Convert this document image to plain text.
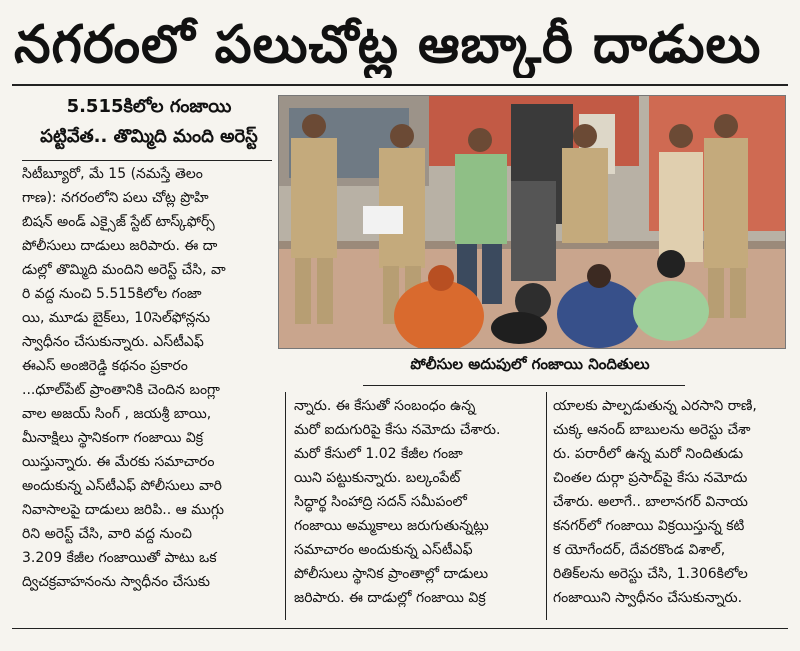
నగరంలో పలుచోట్ల ఆబ్కారీ దాడులు
5.515కిలోల గంజాయి
పట్టివేత.. తొమ్మిది మంది అరెస్ట్
పోలీసుల అదుపులో గంజాయి నిందితులు

సిటీబ్యూరో, మే 15 (నమస్తే తెలం

గాణ): నగరంలోని పలు చోట్ల ప్రొహి

బిషన్ అండ్ ఎక్సైజ్ స్టేట్ టాస్క్‌ఫోర్స్

పోలీసులు దాడులు జరిపారు. ఈ దా

డుల్లో తొమ్మిది మందిని అరెస్ట్ చేసి, వా

రి వద్ద నుంచి 5.515కిలోల గంజా

యి, మూడు బైక్‌లు, 10సెల్‌ఫోన్లను

స్వాధీనం చేసుకున్నారు. ఎస్‌టీఎఫ్

ఈఎస్ అంజిరెడ్డి కథనం ప్రకారం

...ధూల్‌పేట్ ప్రాంతానికి చెందిన బంగ్లా

వాల అజయ్ సింగ్ , జయశ్రీ బాయి,

మీనాక్షిలు స్థానికంగా గంజాయి విక్ర

యిస్తున్నారు. ఈ మేరకు సమాచారం

అందుకున్న ఎస్‌టీఎఫ్ పోలీసులు వారి

నివాసాలపై దాడులు జరిపి.. ఆ ముగ్గు

రిని అరెస్ట్ చేసి, వారి వద్ద నుంచి

3.209 కేజీల గంజాయితో పాటు ఒక

ద్విచక్రవాహనంను స్వాధీనం చేసుకు

న్నారు. ఈ కేసుతో సంబంధం ఉన్న

మరో ఐదుగురిపై కేసు నమోదు చేశారు.

మరో కేసులో 1.02 కేజీల గంజా

యిని పట్టుకున్నారు. బల్కంపేట్

సిద్ధార్థ సింహాద్రి సదన్ సమీపంలో

గంజాయి అమ్మకాలు జరుగుతున్నట్లు

సమాచారం అందుకున్న ఎస్‌టీఎఫ్

పోలీసులు స్థానిక ప్రాంతాల్లో దాడులు

జరిపారు. ఈ దాడుల్లో గంజాయి విక్ర

యాలకు పాల్పడుతున్న ఎరసాని రాణి,

చుక్క ఆనంద్ బాబులను అరెస్టు చేశా

రు. పరారీలో ఉన్న మరో నిందితుడు

చింతల దుర్గా ప్రసాద్‌పై కేసు నమోదు

చేశారు. అలాగే.. బాలానగర్ వినాయ

కనగర్‌లో గంజాయి విక్రయిస్తున్న కటి

క యోగేందర్, దేవరకొండ విశాల్,

రితిక్‌లను అరెస్టు చేసి, 1.306కిలోల

గంజాయిని స్వాధీనం చేసుకున్నారు.
